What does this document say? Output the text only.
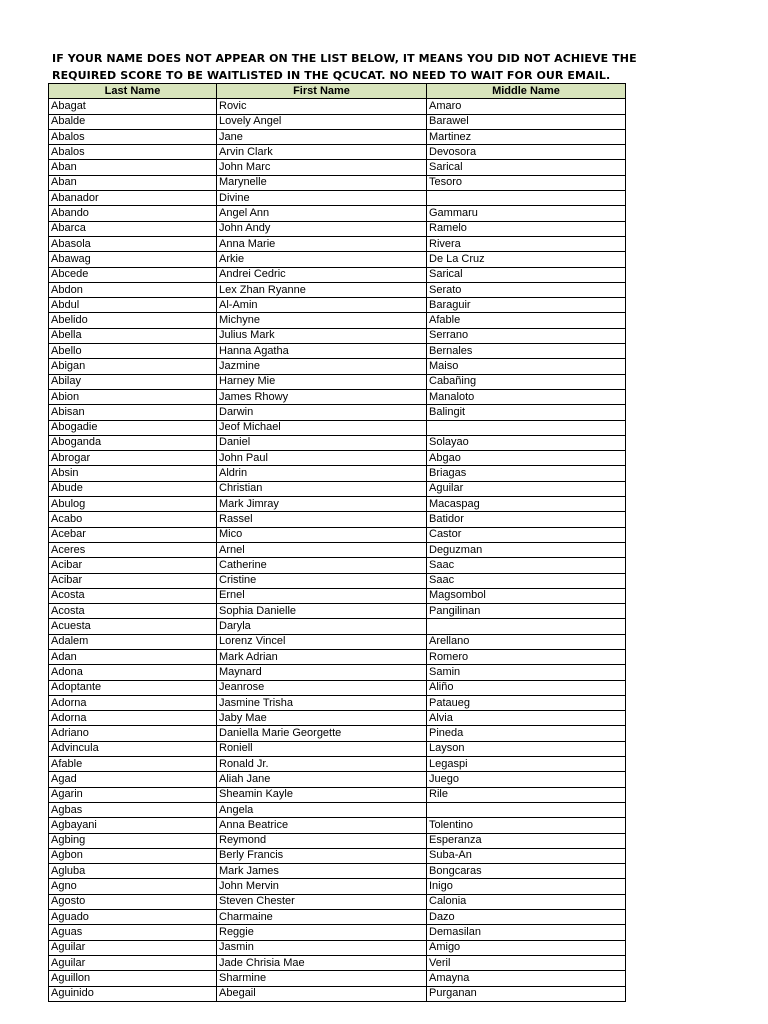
IF YOUR NAME DOES NOT APPEAR ON THE LIST BELOW, IT MEANS YOU DID NOT ACHIEVE THE
REQUIRED SCORE TO BE WAITLISTED IN THE QCUCAT. NO NEED TO WAIT FOR OUR EMAIL.
Last Name	First Name	Middle Name
Abagat	Rovic	Amaro
Abalde	Lovely Angel	Barawel
Abalos	Jane	Martinez
Abalos	Arvin Clark	Devosora
Aban	John Marc	Sarical
Aban	Marynelle	Tesoro
Abanador	Divine	
Abando	Angel Ann	Gammaru
Abarca	John Andy	Ramelo
Abasola	Anna Marie	Rivera
Abawag	Arkie	De La Cruz
Abcede	Andrei Cedric	Sarical
Abdon	Lex Zhan Ryanne	Serato
Abdul	Al-Amin	Baraguir
Abelido	Michyne	Afable
Abella	Julius Mark	Serrano
Abello	Hanna Agatha	Bernales
Abigan	Jazmine	Maiso
Abilay	Harney Mie	Cabañing
Abion	James Rhowy	Manaloto
Abisan	Darwin	Balingit
Abogadie	Jeof Michael	
Aboganda	Daniel	Solayao
Abrogar	John Paul	Abgao
Absin	Aldrin	Briagas
Abude	Christian	Aguilar
Abulog	Mark Jimray	Macaspag
Acabo	Rassel	Batidor
Acebar	Mico	Castor
Aceres	Arnel	Deguzman
Acibar	Catherine	Saac
Acibar	Cristine	Saac
Acosta	Ernel	Magsombol
Acosta	Sophia Danielle	Pangilinan
Acuesta	Daryla	
Adalem	Lorenz Vincel	Arellano
Adan	Mark Adrian	Romero
Adona	Maynard	Samin
Adoptante	Jeanrose	Aliño
Adorna	Jasmine Trisha	Pataueg
Adorna	Jaby Mae	Alvia
Adriano	Daniella Marie Georgette	Pineda
Advincula	Roniell	Layson
Afable	Ronald Jr.	Legaspi
Agad	Aliah Jane	Juego
Agarin	Sheamin Kayle	Rile
Agbas	Angela	
Agbayani	Anna Beatrice	Tolentino
Agbing	Reymond	Esperanza
Agbon	Berly Francis	Suba-An
Agluba	Mark James	Bongcaras
Agno	John Mervin	Inigo
Agosto	Steven Chester	Calonia
Aguado	Charmaine	Dazo
Aguas	Reggie	Demasilan
Aguilar	Jasmin	Amigo
Aguilar	Jade Chrisia Mae	Veril
Aguillon	Sharmine	Amayna
Aguinido	Abegail	Purganan
